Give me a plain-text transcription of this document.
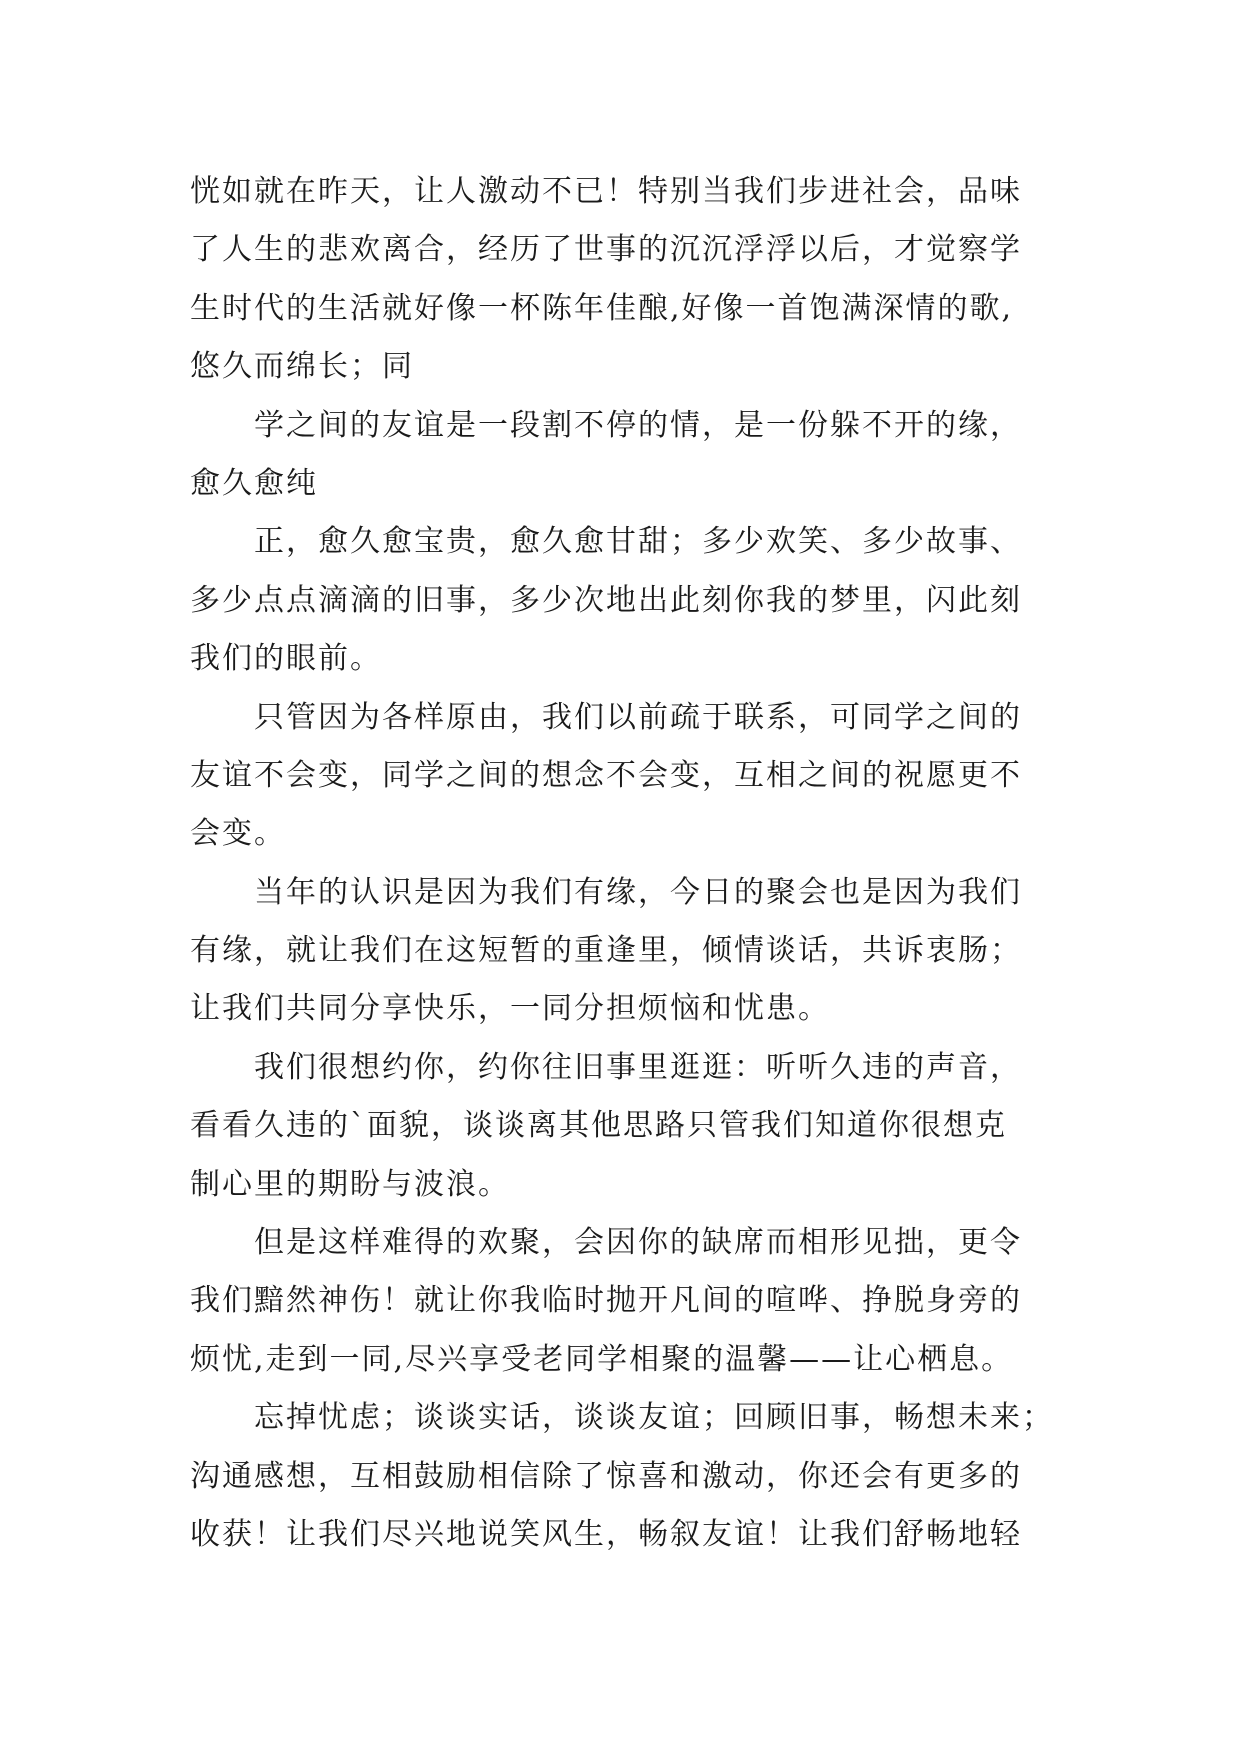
恍如就在昨天，让人激动不已！特别当我们步进社会，品味
了人生的悲欢离合，经历了世事的沉沉浮浮以后，才觉察学
生时代的生活就好像一杯陈年佳酿,好像一首饱满深情的歌,
悠久而绵长；同
学之间的友谊是一段割不停的情，是一份躲不开的缘，
愈久愈纯
正，愈久愈宝贵，愈久愈甘甜；多少欢笑、多少故事、
多少点点滴滴的旧事，多少次地出此刻你我的梦里，闪此刻
我们的眼前。
只管因为各样原由，我们以前疏于联系，可同学之间的
友谊不会变，同学之间的想念不会变，互相之间的祝愿更不
会变。
当年的认识是因为我们有缘，今日的聚会也是因为我们
有缘，就让我们在这短暂的重逢里，倾情谈话，共诉衷肠；
让我们共同分享快乐，一同分担烦恼和忧患。
我们很想约你，约你往旧事里逛逛：听听久违的声音，
看看久违的`面貌，谈谈离其他思路只管我们知道你很想克
制心里的期盼与波浪。
但是这样难得的欢聚，会因你的缺席而相形见拙，更令
我们黯然神伤！就让你我临时抛开凡间的喧哗、挣脱身旁的
烦忧,走到一同,尽兴享受老同学相聚的温馨——让心栖息。
忘掉忧虑；谈谈实话，谈谈友谊；回顾旧事，畅想未来；
沟通感想，互相鼓励相信除了惊喜和激动，你还会有更多的
收获！让我们尽兴地说笑风生，畅叙友谊！让我们舒畅地轻
